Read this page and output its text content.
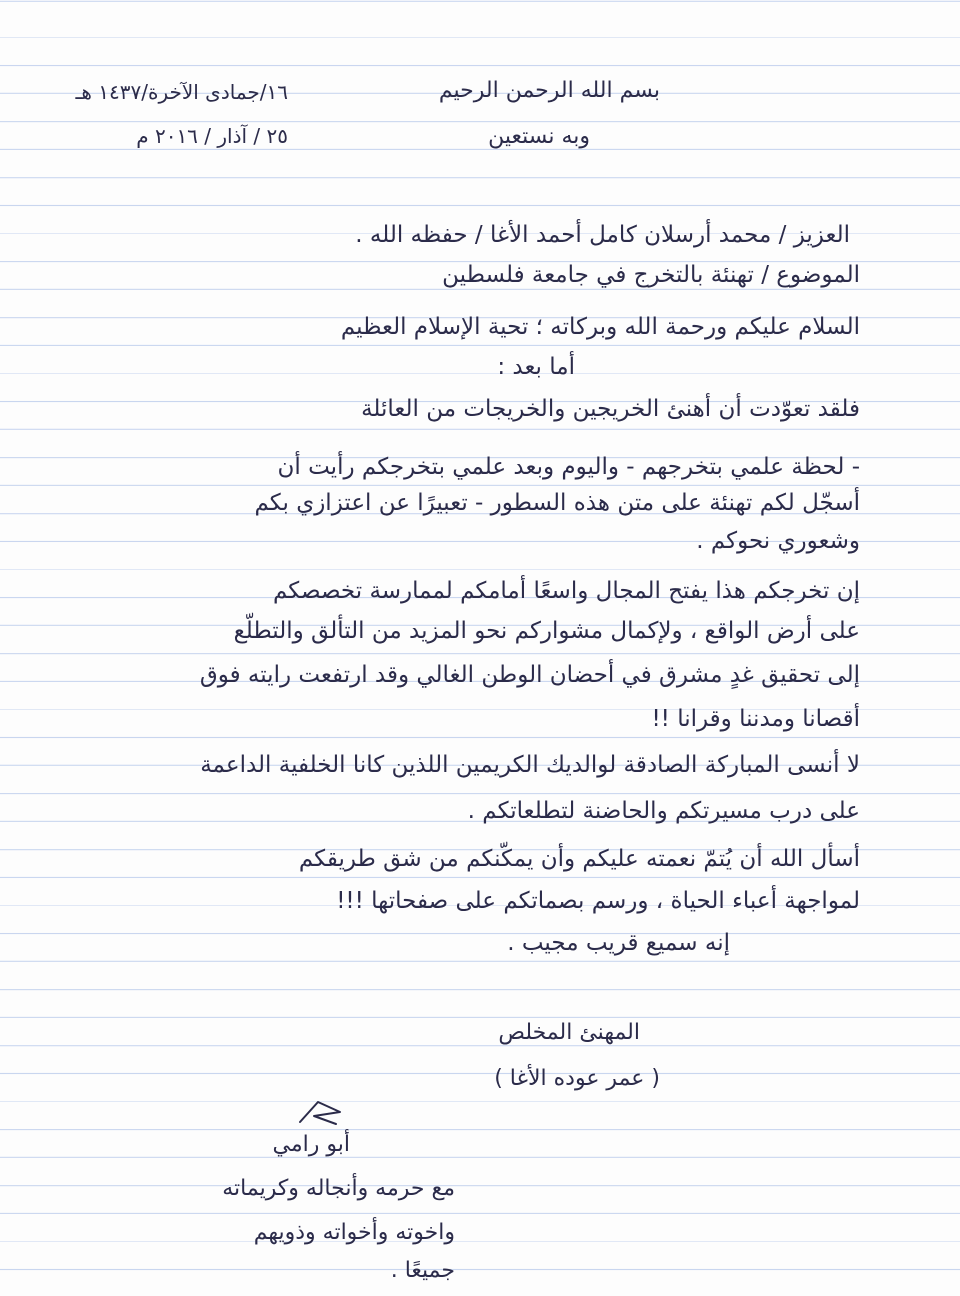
بسم الله الرحمن الرحيم
وبه نستعين
١٦/جمادى الآخرة/١٤٣٧ هـ
٢٥ / آذار / ٢٠١٦ م
العزيز / محمد أرسلان كامل أحمد الأغا / حفظه الله .
الموضوع / تهنئة بالتخرج في جامعة فلسطين
السلام عليكم ورحمة الله وبركاته ؛ تحية الإسلام العظيم
أما بعد :
فلقد تعوّدت أن أهنئ الخريجين والخريجات من العائلة
- لحظة علمي بتخرجهم - واليوم وبعد علمي بتخرجكم رأيت أن
أسجّل لكم تهنئة على متن هذه السطور - تعبيرًا عن اعتزازي بكم
وشعوري نحوكم .
إن تخرجكم هذا يفتح المجال واسعًا أمامكم لممارسة تخصصكم
على أرض الواقع ، ولإكمال مشواركم نحو المزيد من التألق والتطلّع
إلى تحقيق غدٍ مشرق في أحضان الوطن الغالي وقد ارتفعت رايته فوق
أقصانا ومدننا وقرانا !!
لا أنسى المباركة الصادقة لوالديك الكريمين اللذين كانا الخلفية الداعمة
على درب مسيرتكم والحاضنة لتطلعاتكم .
أسأل الله أن يُتمّ نعمته عليكم وأن يمكّنكم من شق طريقكم
لمواجهة أعباء الحياة ، ورسم بصماتكم على صفحاتها !!!
إنه سميع قريب مجيب .
المهنئ المخلص
( عمر عوده الأغا )
أبو رامي
مع حرمه وأنجاله وكريماته
واخوته وأخواته وذويهم
جميعًا .
